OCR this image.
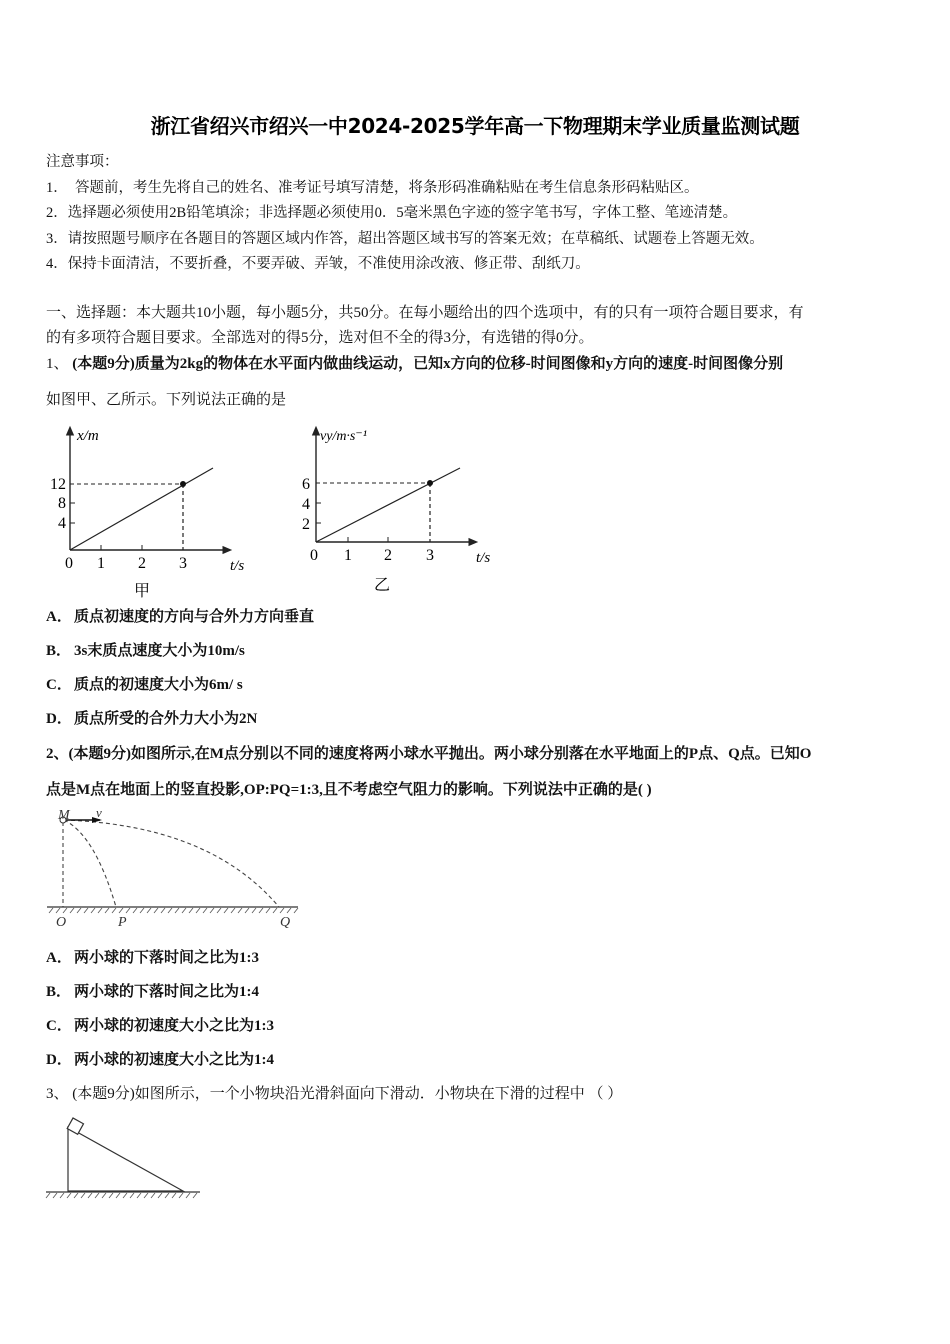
浙江省绍兴市绍兴一中2024-2025学年高一下物理期末学业质量监测试题
注意事项：
1．　答题前，考生先将自己的姓名、准考证号填写清楚，将条形码准确粘贴在考生信息条形码粘贴区。
2．选择题必须使用2B铅笔填涂；非选择题必须使用0．5毫米黑色字迹的签字笔书写，字体工整、笔迹清楚。
3．请按照题号顺序在各题目的答题区域内作答，超出答题区域书写的答案无效；在草稿纸、试题卷上答题无效。
4．保持卡面清洁，不要折叠，不要弄破、弄皱，不准使用涂改液、修正带、刮纸刀。
一、选择题：本大题共10小题，每小题5分，共50分。在每小题给出的四个选项中，有的只有一项符合题目要求，有
的有多项符合题目要求。全部选对的得5分，选对但不全的得3分，有选错的得0分。
1、 (本题9分)质量为2kg的物体在水平面内做曲线运动，已知x方向的位移-时间图像和y方向的速度-时间图像分别
如图甲、乙所示。下列说法正确的是
x/m
12
8
4
0 1 2 3	t/s
甲
vy/m·s⁻¹
6
4
2
0 1 2 3	t/s
乙
A． 质点初速度的方向与合外力方向垂直
B． 3s末质点速度大小为10m/s
C． 质点的初速度大小为6m/ s
D． 质点所受的合外力大小为2N
2、(本题9分)如图所示,在M点分别以不同的速度将两小球水平抛出。两小球分别落在水平地面上的P点、Q点。已知O
点是M点在地面上的竖直投影,OP:PQ=1:3,且不考虑空气阻力的影响。下列说法中正确的是( )
M v
O	P	Q
A． 两小球的下落时间之比为1:3
B． 两小球的下落时间之比为1:4
C． 两小球的初速度大小之比为1:3
D． 两小球的初速度大小之比为1:4
3、 (本题9分)如图所示，一个小物块沿光滑斜面向下滑动．小物块在下滑的过程中 （ ）
